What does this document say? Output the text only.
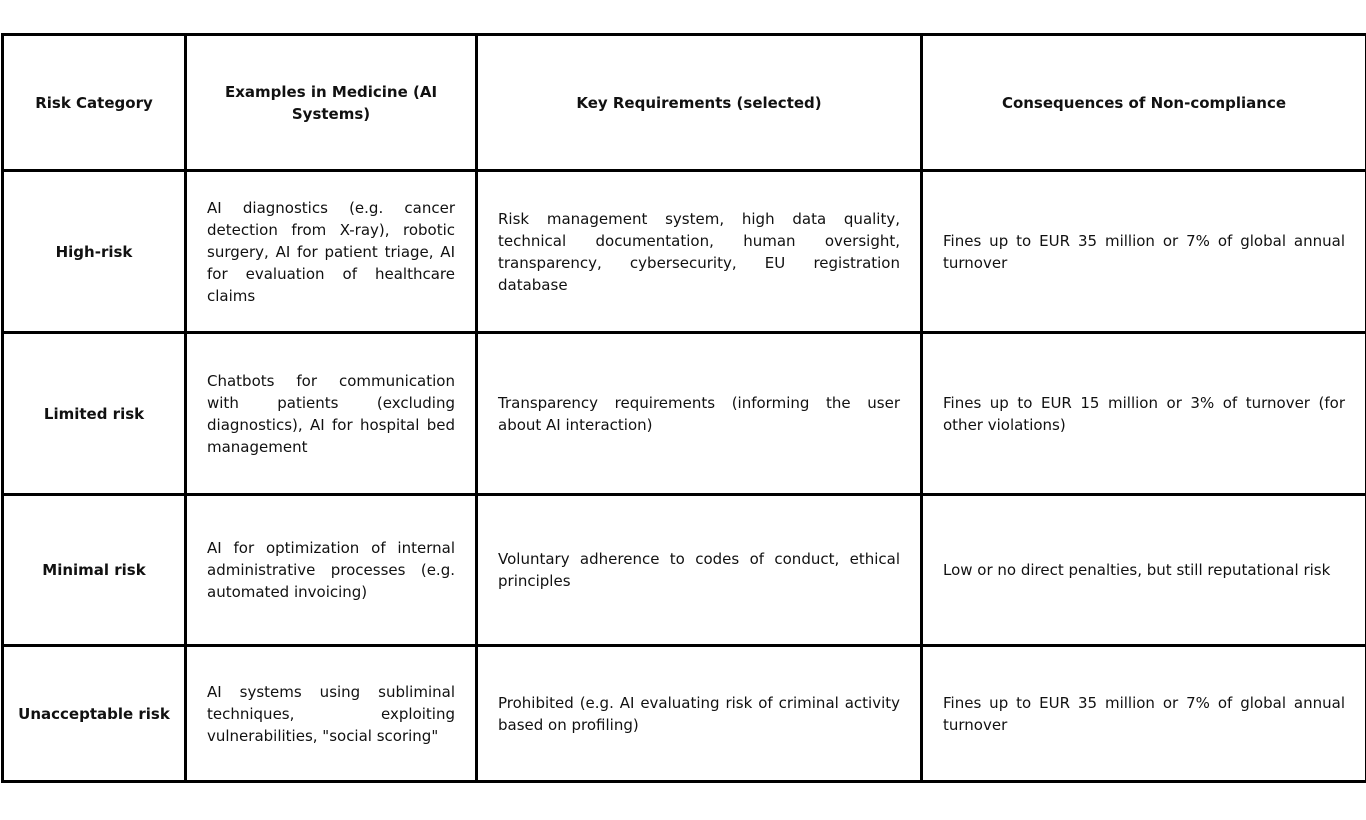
Risk Category	Examples in Medicine (AI Systems)	Key Requirements (selected)	Consequences of Non-compliance
High-risk	AI diagnostics (e.g. cancer detection from X-ray), robotic surgery, AI for patient triage, AI for evaluation of healthcare claims	Risk management system, high data quality, technical documentation, human oversight, transparency, cybersecurity, EU registration database	Fines up to EUR 35 million or 7% of global annual turnover
Limited risk	Chatbots for communication with patients (excluding diagnostics), AI for hospital bed management	Transparency requirements (informing the user about AI interaction)	Fines up to EUR 15 million or 3% of turnover (for other violations)
Minimal risk	AI for optimization of internal administrative processes (e.g. automated invoicing)	Voluntary adherence to codes of conduct, ethical principles	Low or no direct penalties, but still reputational risk
Unacceptable risk	AI systems using subliminal techniques, exploiting vulnerabilities, "social scoring"	Prohibited (e.g. AI evaluating risk of criminal activity based on profiling)	Fines up to EUR 35 million or 7% of global annual turnover
